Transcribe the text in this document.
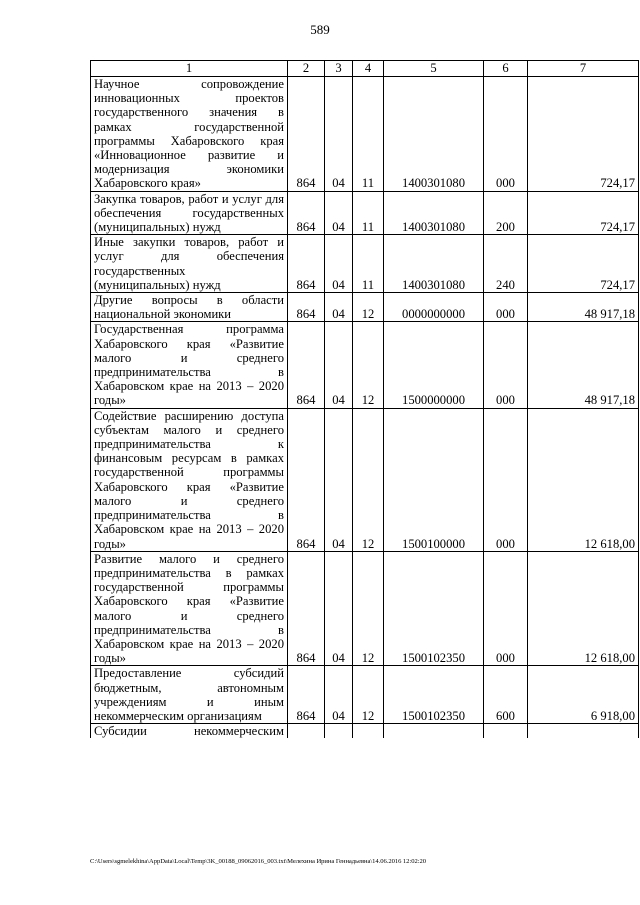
589
1	2	3	4	5	6	7
Научное сопровождение инновационных проектов государственного значения в рамках государственной программы Хабаровского края «Инновационное развитие и модернизация экономики Хабаровского края»	864	04	11	1400301080	000	724,17
Закупка товаров, работ и услуг для обеспечения государственных (муниципальных) нужд	864	04	11	1400301080	200	724,17
Иные закупки товаров, работ и услуг для обеспечения государственных (муниципальных) нужд	864	04	11	1400301080	240	724,17
Другие вопросы в области национальной экономики	864	04	12	0000000000	000	48 917,18
Государственная программа Хабаровского края «Развитие малого и среднего предпринимательства в Хабаровском крае на 2013 – 2020 годы»	864	04	12	1500000000	000	48 917,18
Содействие расширению доступа субъектам малого и среднего предпринимательства к финансовым ресурсам в рамках государственной программы Хабаровского края «Развитие малого и среднего предпринимательства в Хабаровском крае на 2013 – 2020 годы»	864	04	12	1500100000	000	12 618,00
Развитие малого и среднего предпринимательства в рамках государственной программы Хабаровского края «Развитие малого и среднего предпринимательства в Хабаровском крае на 2013 – 2020 годы»	864	04	12	1500102350	000	12 618,00
Предоставление субсидий бюджетным, автономным учреждениям и иным некоммерческим организациям	864	04	12	1500102350	600	6 918,00
Субсидии некоммерческим						
C:\Users\sgmelekhina\AppData\Local\Temp\3K_00188_09062016_003.txt\Мелехина Ирина Геннадьевна\14.06.2016 12:02:20
